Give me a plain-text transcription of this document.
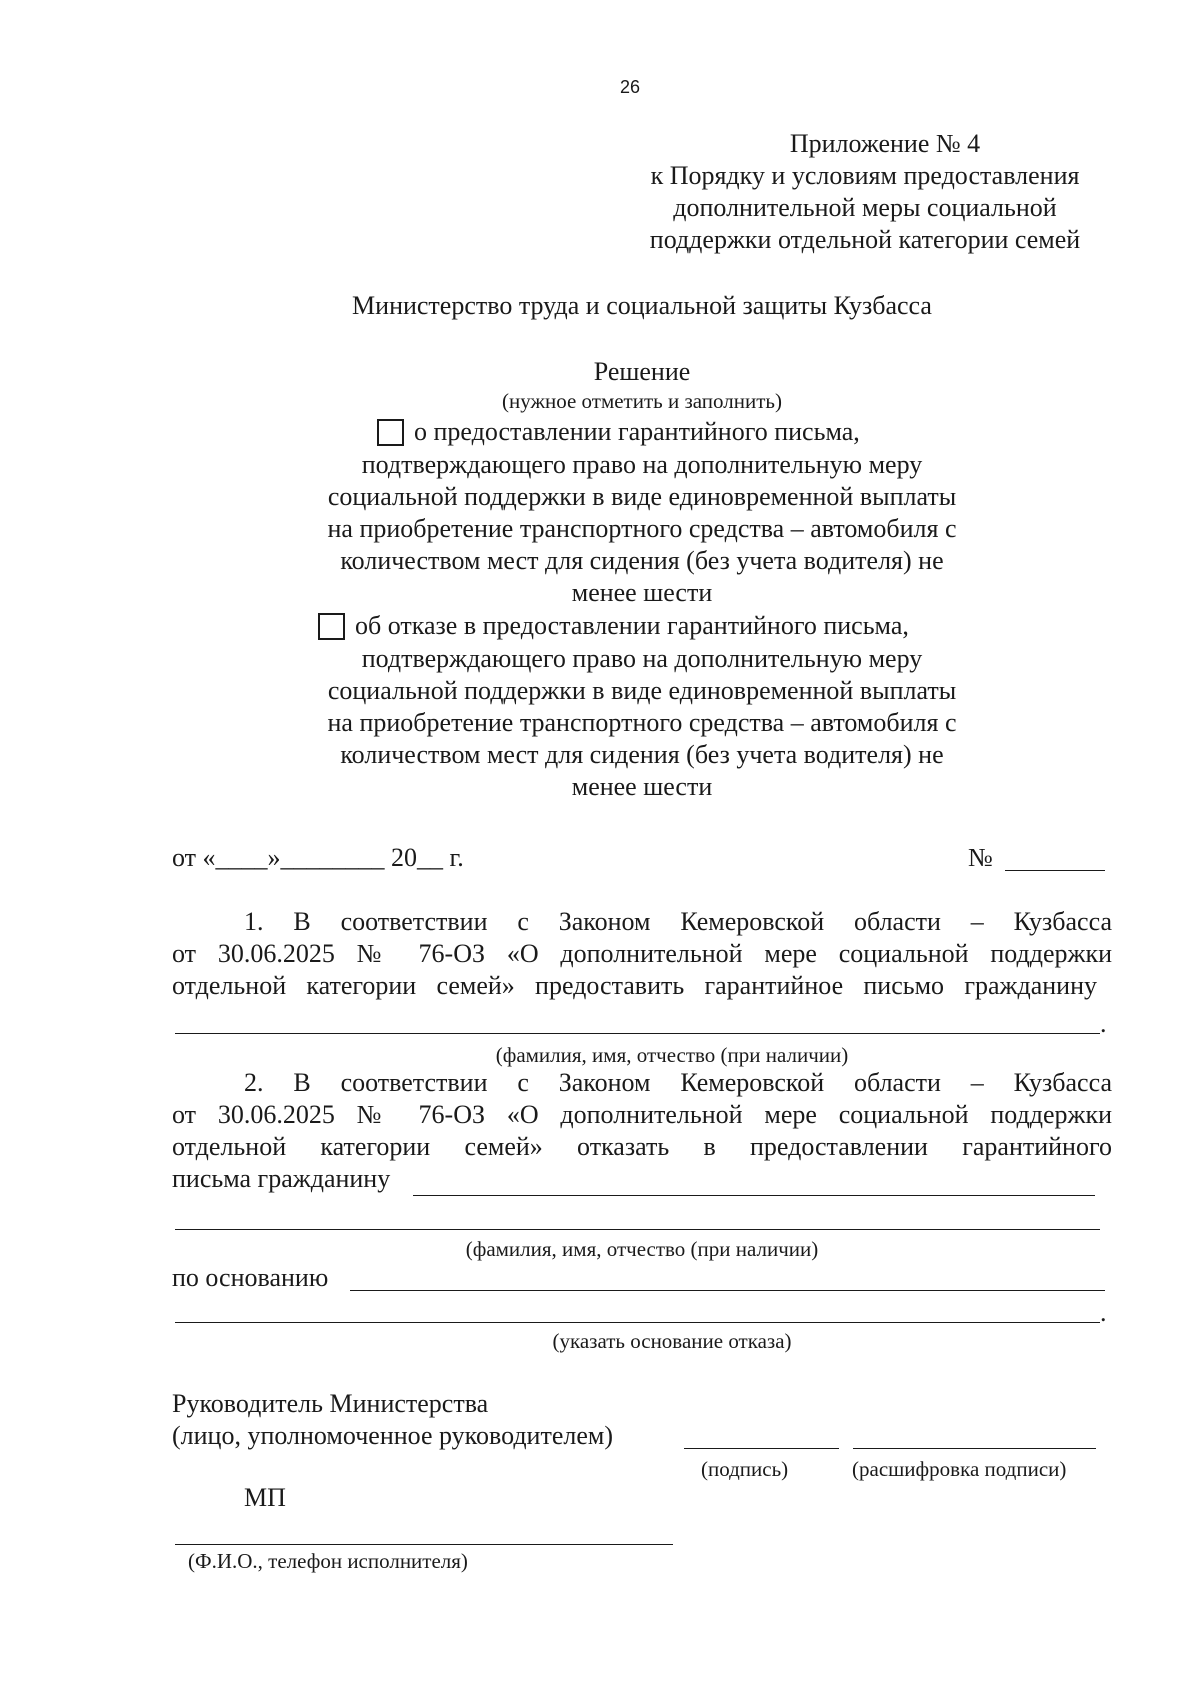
26
Приложение № 4
к Порядку и условиям предоставления
дополнительной меры социальной
поддержки отдельной категории семей
Министерство труда и социальной защиты Кузбасса
Решение
(нужное отметить и заполнить)
о предоставлении гарантийного письма,
подтверждающего право на дополнительную меру
социальной поддержки в виде единовременной выплаты
на приобретение транспортного средства – автомобиля с
количеством мест для сидения (без учета водителя) не
менее шести
об отказе в предоставлении гарантийного письма,
подтверждающего право на дополнительную меру
социальной поддержки в виде единовременной выплаты
на приобретение транспортного средства – автомобиля с
количеством мест для сидения (без учета водителя) не
менее шести
от «____»________ 20__ г.	№
1. В соответствии с Законом Кемеровской области – Кузбасса
от 30.06.2025 № 76-ОЗ «О дополнительной мере социальной поддержки
отдельной категории семей» предоставить гарантийное письмо гражданину
.
(фамилия, имя, отчество (при наличии)
2. В соответствии с Законом Кемеровской области – Кузбасса
от 30.06.2025 № 76-ОЗ «О дополнительной мере социальной поддержки
отдельной категории семей» отказать в предоставлении гарантийного
письма гражданину
(фамилия, имя, отчество (при наличии)
по основанию
.
(указать основание отказа)
Руководитель Министерства
(лицо, уполномоченное руководителем)
(подпись)	(расшифровка подписи)
МП
(Ф.И.О., телефон исполнителя)
